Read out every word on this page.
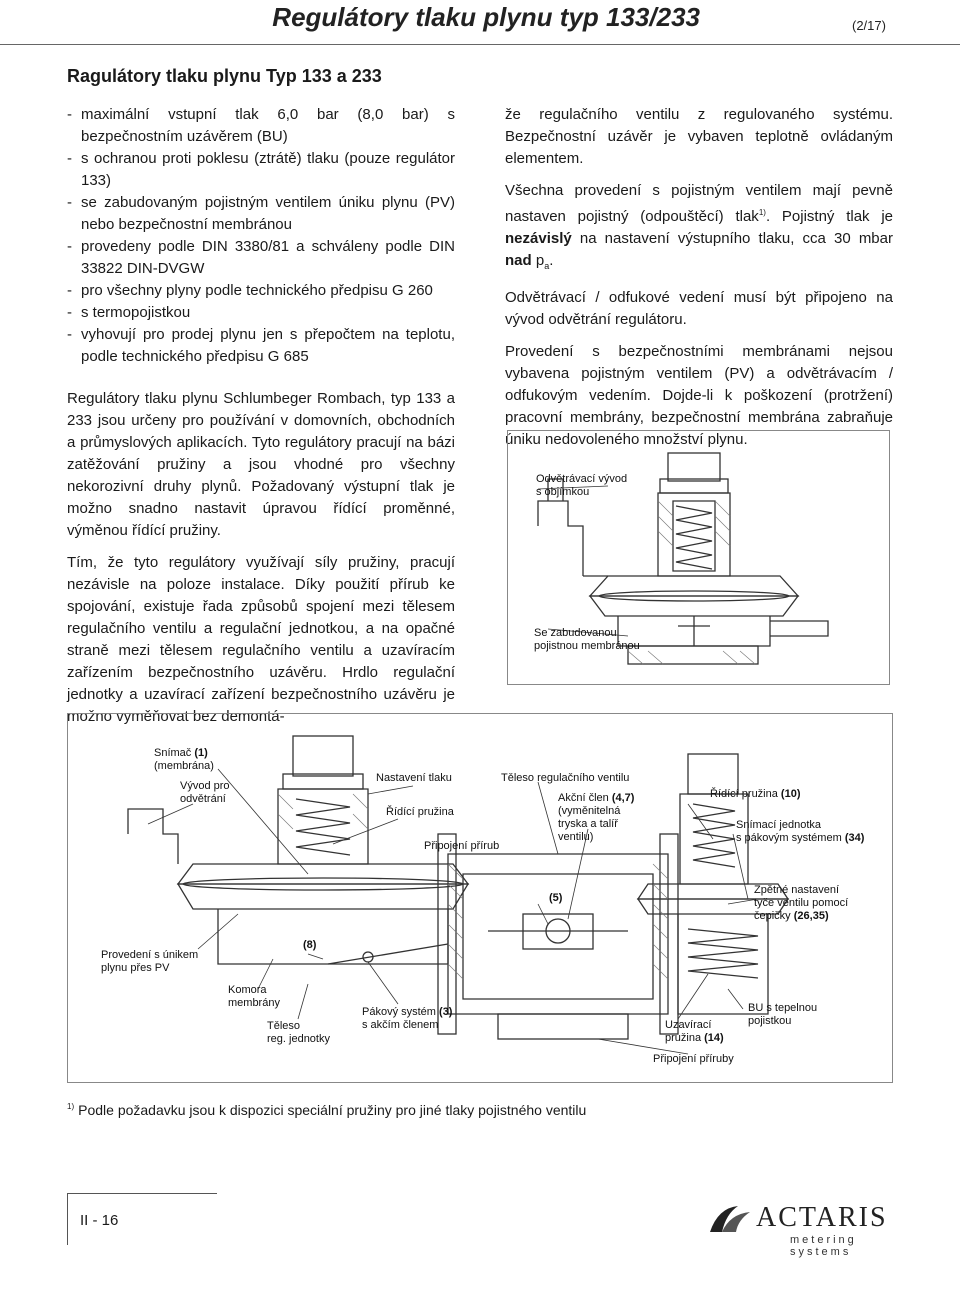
Regulátory tlaku plynu typ 133/233	(2/17)
Ragulátory tlaku plynu Typ 133 a 233
- maximální vstupní tlak 6,0 bar (8,0 bar) s bezpečnostním uzávěrem (BU)
- s ochranou proti poklesu (ztrátě) tlaku (pouze regulátor 133)
- se zabudovaným pojistným ventilem úniku plynu (PV) nebo bezpečnostní membránou
- provedeny podle DIN 3380/81 a schváleny podle DIN 33822 DIN-DVGW
- pro všechny plyny podle technického předpisu G 260
- s termopojistkou
- vyhovují pro prodej plynu jen s přepočtem na teplotu, podle technického předpisu G 685

Regulátory tlaku plynu Schlumbeger Rombach, typ 133 a 233 jsou určeny pro používání v domovních, obchodních a průmyslových aplikacích. Tyto regulátory pracují na bázi zatěžování pružiny a jsou vhodné pro všechny nekorozivní druhy plynů. Požadovaný výstupní tlak je možno snadno nastavit úpravou řídící proměnné, výměnou řídící pružiny.

Tím, že tyto regulátory využívají síly pružiny, pracují nezávisle na poloze instalace. Díky použití přírub ke spojování, existuje řada způsobů spojení mezi tělesem regulačního ventilu a regulační jednotkou, a na opačné straně mezi tělesem regulačního ventilu a uzavíracím zařízením bezpečnostního uzávěru. Hrdlo regulační jednotky a uzavírací zařízení bezpečnostního uzávěru je možno vyměňovat bez demontá-

že regulačního ventilu z regulovaného systému. Bezpečnostní uzávěr je vybaven teplotně ovládaným elementem.

Všechna provedení s pojistným ventilem mají pevně nastaven pojistný (odpouštěcí) tlak$^{1)}$. Pojistný tlak je nezávislý na nastavení výstupního tlaku, cca 30 mbar nad $p_a$.

Odvětrávací / odfukové vedení musí být připojeno na vývod odvětrání regulátoru.

Provedení s bezpečnostními membránami nejsou vybavena pojistným ventilem (PV) a odvětrávacím / odfukovým vedením. Dojde-li k poškození (protržení) pracovní membrány, bezpečnostní membrána zabraňuje úniku nedovoleného množství plynu.

Odvětrávací vývod
s objímkou
Se zabudovanou
pojistnou membránou
Snímač (1)
(membrána)
Vývod pro
odvětrání
Nastavení tlaku
Řídící pružina
Těleso regulačního ventilu
Akční člen (4,7)
(vyměnitelná
tryska a talíř
ventilu)
Připojení přírub
Řídící pružina (10)
Snímací jednotka
s pákovým systémem (34)
(5)
Zpětné nastavení
tyče ventilu pomocí
čepičky (26,35)
(8)
Provedení s únikem
plynu přes PV
Komora
membrány
Těleso
reg. jednotky
Pákový systém (3)
s akčím členem	Uzavírací
pružina (14)
BU s tepelnou
pojistkou
Připojení příruby
$^{1)}$ Podle požadavku jsou k dispozici speciální pružiny pro jiné tlaky pojistného ventilu
II - 16	ACTARIS
metering systems
